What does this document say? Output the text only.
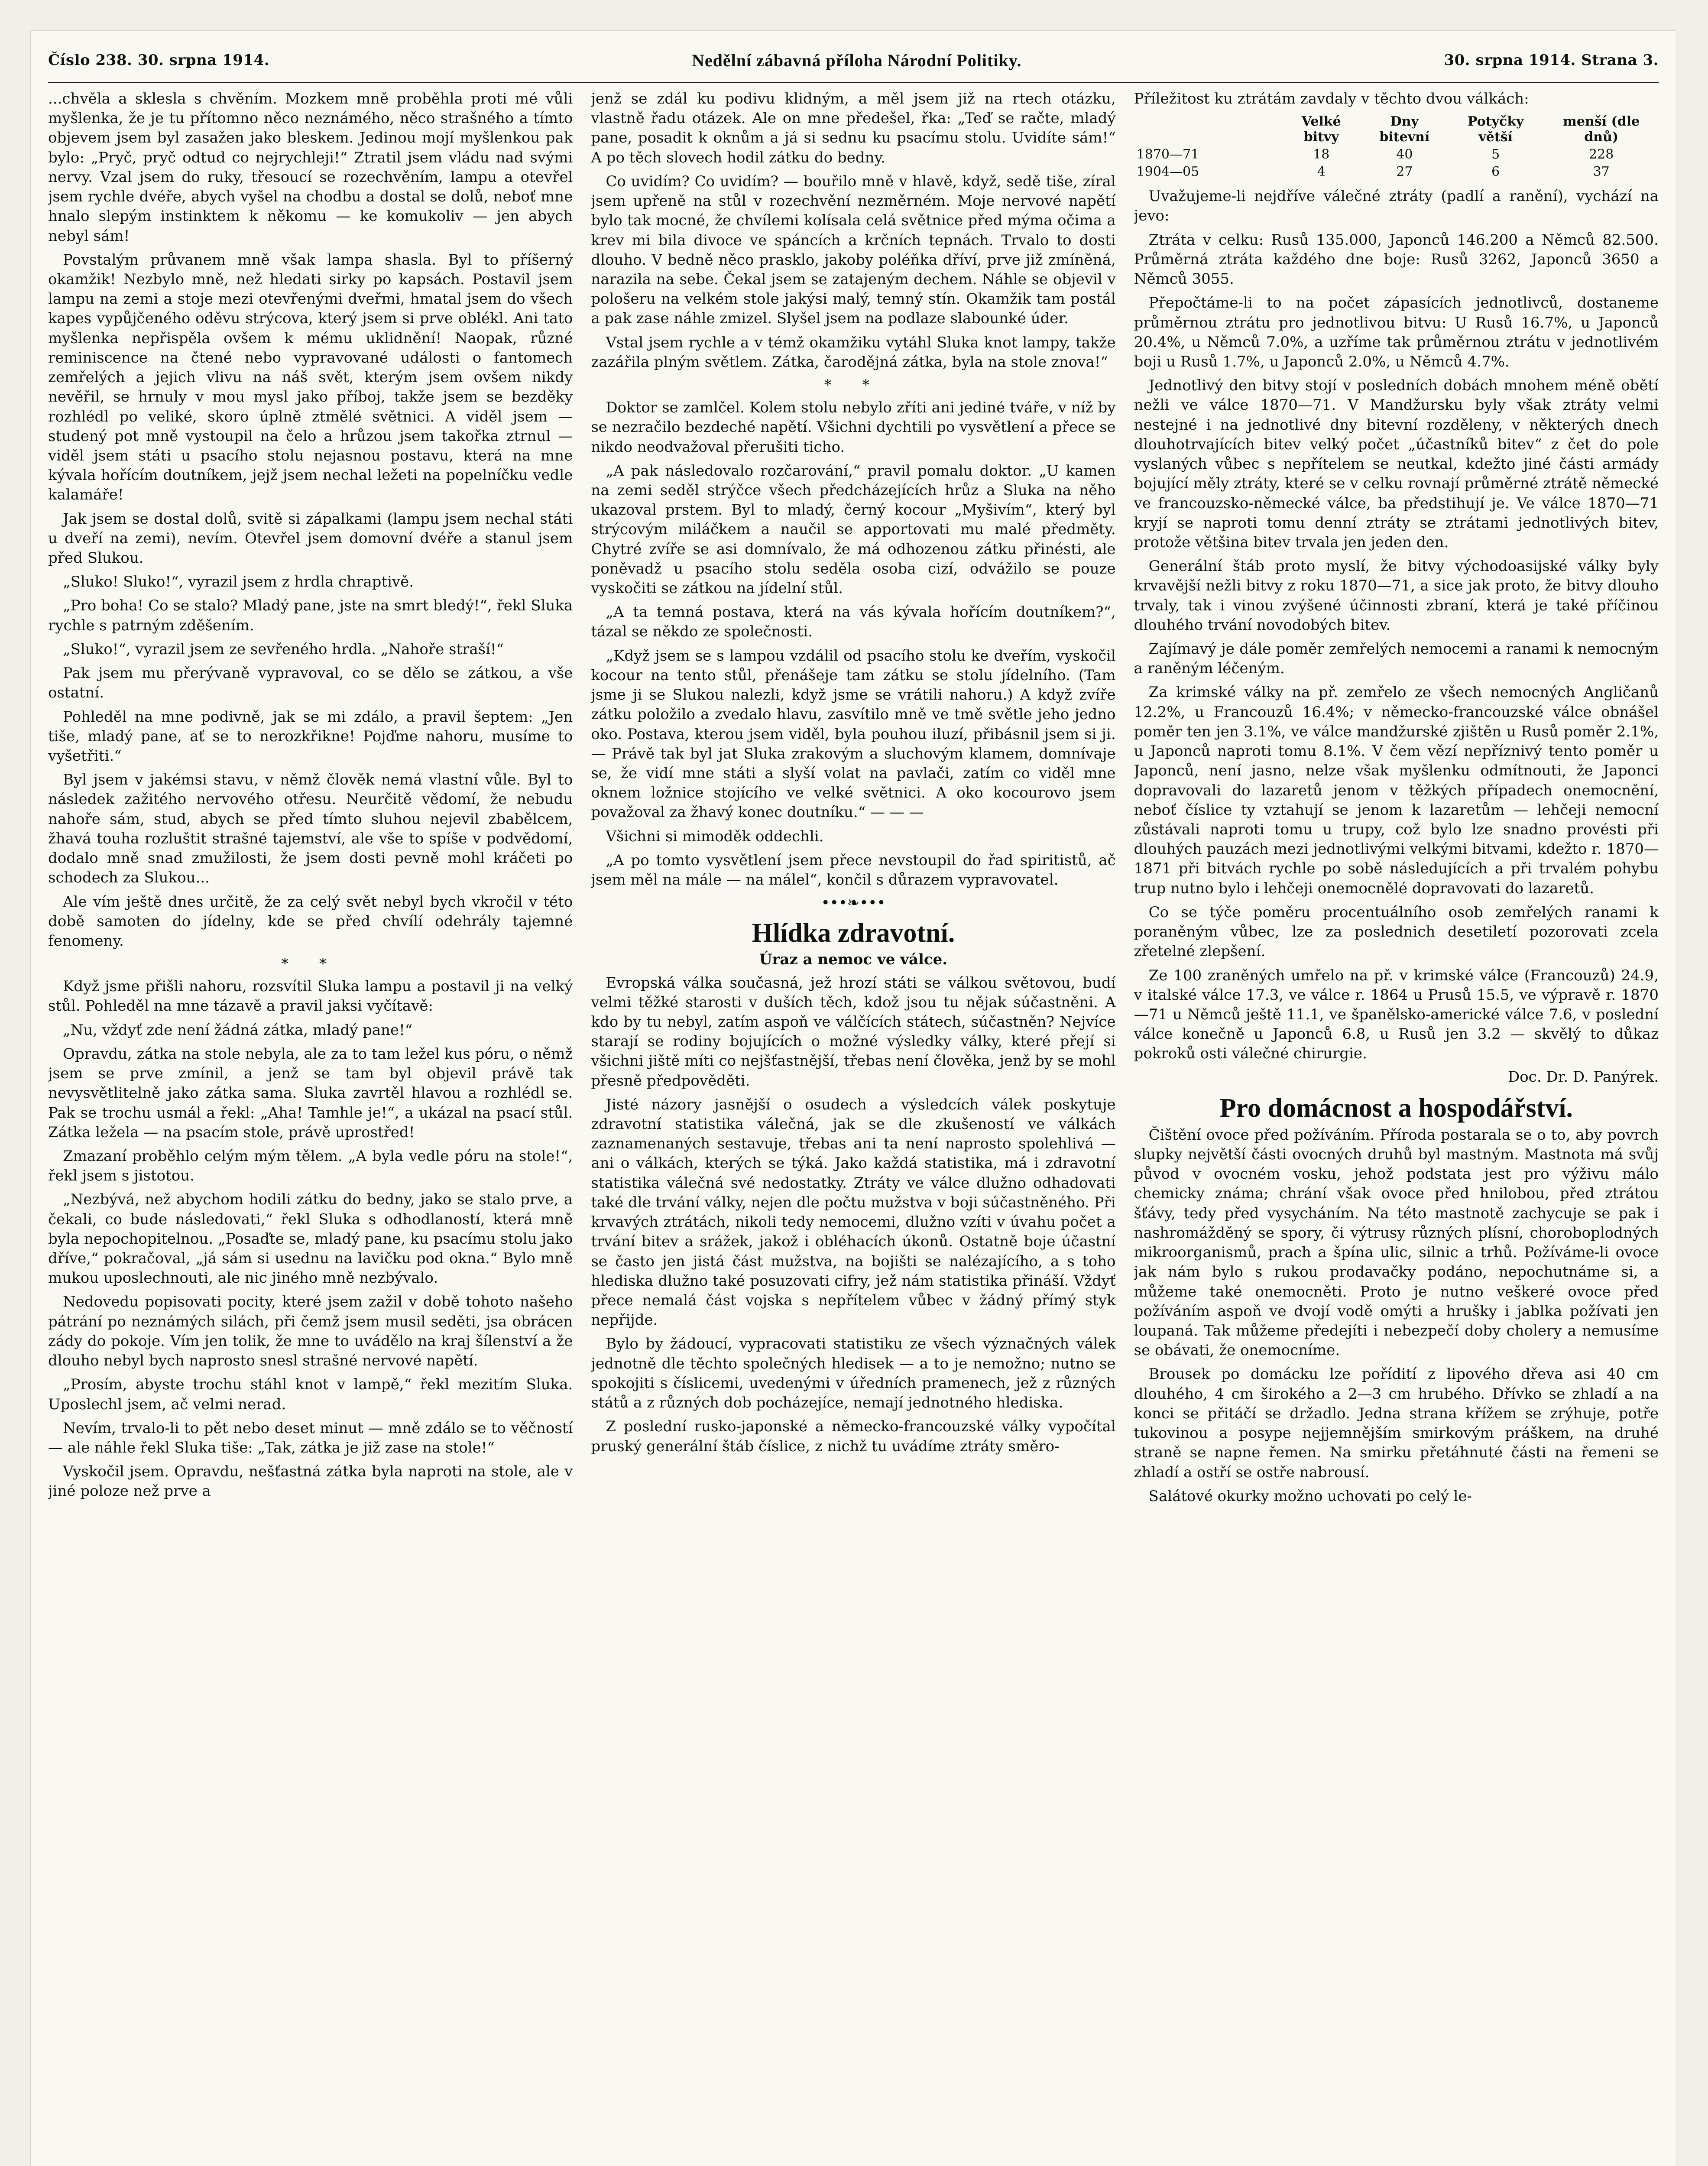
Číslo 238. 30. srpna 1914.	Nedělní zábavná příloha Národní Politiky.	30. srpna 1914. Strana 3.

...chvěla a sklesla s chvěním. Mozkem mně proběhla proti mé vůli myšlenka, že je tu přítomno něco neznámého, něco strašného a tímto objevem jsem byl zasažen jako bleskem. Jedinou mojí myšlenkou pak bylo: „Pryč, pryč odtud co nejrychleji!“ Ztratil jsem vládu nad svými nervy. Vzal jsem do ruky, třesoucí se rozechvěním, lampu a otevřel jsem rychle dvéře, abych vyšel na chodbu a dostal se dolů, neboť mne hnalo slepým instinktem k někomu — ke komukoliv — jen abych nebyl sám!

Povstalým průvanem mně však lampa shasla. Byl to příšerný okamžik! Nezbylo mně, než hledati sirky po kapsách. Postavil jsem lampu na zemi a stoje mezi otevřenými dveřmi, hmatal jsem do všech kapes vypůjčeného oděvu strýcova, který jsem si prve oblékl. Ani tato myšlenka nepřispěla ovšem k mému uklidnění! Naopak, různé reminiscence na čtené nebo vypravované události o fantomech zemřelých a jejich vlivu na náš svět, kterým jsem ovšem nikdy nevěřil, se hrnuly v mou mysl jako příboj, takže jsem se bezděky rozhlédl po veliké, skoro úplně ztmělé světnici. A viděl jsem — studený pot mně vystoupil na čelo a hrůzou jsem takořka ztrnul — viděl jsem státi u psacího stolu nejasnou postavu, která na mne kývala hořícím doutníkem, jejž jsem nechal ležeti na popelníčku vedle kalamáře!

Jak jsem se dostal dolů, svitě si zápalkami (lampu jsem nechal státi u dveří na zemi), nevím. Otevřel jsem domovní dvéře a stanul jsem před Slukou.

„Sluko! Sluko!“, vyrazil jsem z hrdla chraptivě.

„Pro boha! Co se stalo? Mladý pane, jste na smrt bledý!“, řekl Sluka rychle s patrným zděšením.

„Sluko!“, vyrazil jsem ze sevřeného hrdla. „Nahoře straší!“

Pak jsem mu přerývaně vypravoval, co se dělo se zátkou, a vše ostatní.

Pohleděl na mne podivně, jak se mi zdálo, a pravil šeptem: „Jen tiše, mladý pane, ať se to nerozkřikne! Pojďme nahoru, musíme to vyšetřiti.“

Byl jsem v jakémsi stavu, v němž člověk nemá vlastní vůle. Byl to následek zažitého nervového otřesu. Neurčitě vědomí, že nebudu nahoře sám, stud, abych se před tímto sluhou nejevil zbabělcem, žhavá touha rozluštit strašné tajemství, ale vše to spíše v podvědomí, dodalo mně snad zmužilosti, že jsem dosti pevně mohl kráčeti po schodech za Slukou...

Ale vím ještě dnes určitě, že za celý svět nebyl bych vkročil v této době samoten do jídelny, kde se před chvílí odehrály tajemné fenomeny.

* *

Když jsme přišli nahoru, rozsvítil Sluka lampu a postavil ji na velký stůl. Pohleděl na mne tázavě a pravil jaksi vyčítavě:

„Nu, vždyť zde není žádná zátka, mladý pane!“

Opravdu, zátka na stole nebyla, ale za to tam ležel kus póru, o němž jsem se prve zmínil, a jenž se tam byl objevil právě tak nevysvětlitelně jako zátka sama. Sluka zavrtěl hlavou a rozhlédl se. Pak se trochu usmál a řekl: „Aha! Tamhle je!“, a ukázal na psací stůl. Zátka ležela — na psacím stole, právě uprostřed!

Zmazaní proběhlo celým mým tělem. „A byla vedle póru na stole!“, řekl jsem s jistotou.

„Nezbývá, než abychom hodili zátku do bedny, jako se stalo prve, a čekali, co bude následovati,“ řekl Sluka s odhodlaností, která mně byla nepochopitelnou. „Posaďte se, mladý pane, ku psacímu stolu jako dříve,“ pokračoval, „já sám si usednu na lavičku pod okna.“ Bylo mně mukou uposlechnouti, ale nic jiného mně nezbývalo.

Nedovedu popisovati pocity, které jsem zažil v době tohoto našeho pátrání po neznámých silách, při čemž jsem musil seděti, jsa obrácen zády do pokoje. Vím jen tolik, že mne to uvádělo na kraj šílenství a že dlouho nebyl bych naprosto snesl strašné nervové napětí.

„Prosím, abyste trochu stáhl knot v lampě,“ řekl mezitím Sluka. Uposlechl jsem, ač velmi nerad.

Nevím, trvalo-li to pět nebo deset minut — mně zdálo se to věčností — ale náhle řekl Sluka tiše: „Tak, zátka je již zase na stole!“

Vyskočil jsem. Opravdu, nešťastná zátka byla naproti na stole, ale v jiné poloze než prve a

jenž se zdál ku podivu klidným, a měl jsem již na rtech otázku, vlastně řadu otázek. Ale on mne předešel, řka: „Teď se račte, mladý pane, posadit k oknům a já si sednu ku psacímu stolu. Uvidíte sám!“ A po těch slovech hodil zátku do bedny.

Co uvidím? Co uvidím? — bouřilo mně v hlavě, když, sedě tiše, zíral jsem upřeně na stůl v rozechvění nezměrném. Moje nervové napětí bylo tak mocné, že chvílemi kolísala celá světnice před mýma očima a krev mi bila divoce ve spáncích a krčních tepnách. Trvalo to dosti dlouho. V bedně něco prasklo, jakoby poléňka dříví, prve již zmíněná, narazila na sebe. Čekal jsem se zatajeným dechem. Náhle se objevil v pološeru na velkém stole jakýsi malý, temný stín. Okamžik tam postál a pak zase náhle zmizel. Slyšel jsem na podlaze slabounké úder.

Vstal jsem rychle a v témž okamžiku vytáhl Sluka knot lampy, takže zazářila plným světlem. Zátka, čarodějná zátka, byla na stole znova!“

* *

Doktor se zamlčel. Kolem stolu nebylo zříti ani jediné tváře, v níž by se nezračilo bezdeché napětí. Všichni dychtili po vysvětlení a přece se nikdo neodvažoval přerušiti ticho.

„A pak následovalo rozčarování,“ pravil pomalu doktor. „U kamen na zemi seděl strýčce všech předcházejících hrůz a Sluka na něho ukazoval prstem. Byl to mladý, černý kocour „Myšivím“, který byl strýcovým miláčkem a naučil se apportovati mu malé předměty. Chytré zvíře se asi domnívalo, že má odhozenou zátku přinésti, ale poněvadž u psacího stolu seděla osoba cizí, odvážilo se pouze vyskočiti se zátkou na jídelní stůl.

„A ta temná postava, která na vás kývala hořícím doutníkem?“, tázal se někdo ze společnosti.

„Když jsem se s lampou vzdálil od psacího stolu ke dveřím, vyskočil kocour na tento stůl, přenášeje tam zátku se stolu jídelního. (Tam jsme ji se Slukou nalezli, když jsme se vrátili nahoru.) A když zvíře zátku položilo a zvedalo hlavu, zasvítilo mně ve tmě světle jeho jedno oko. Postava, kterou jsem viděl, byla pouhou iluzí, přibásnil jsem si ji. — Právě tak byl jat Sluka zrakovým a sluchovým klamem, domnívaje se, že vidí mne státi a slyší volat na pavlači, zatím co viděl mne oknem ložnice stojícího ve velké světnici. A oko kocourovo jsem považoval za žhavý konec doutníku.“ — — —

Všichni si mimoděk oddechli.

„A po tomto vysvětlení jsem přece nevstoupil do řad spiritistů, ač jsem měl na mále — na málel“, končil s důrazem vypravovatel.

•••❧•••
Hlídka zdravotní.
Úraz a nemoc ve válce.

Evropská válka současná, jež hrozí státi se válkou světovou, budí velmi těžké starosti v duších těch, kdož jsou tu nějak súčastněni. A kdo by tu nebyl, zatím aspoň ve válčících státech, súčastněn? Nejvíce starají se rodiny bojujících o možné výsledky války, které přejí si všichni jiště míti co nejšťastnější, třebas není člověka, jenž by se mohl přesně předpověděti.

Jisté názory jasnější o osudech a výsledcích válek poskytuje zdravotní statistika válečná, jak se dle zkušeností ve válkách zaznamenaných sestavuje, třebas ani ta není naprosto spolehlivá — ani o válkách, kterých se týká. Jako každá statistika, má i zdravotní statistika válečná své nedostatky. Ztráty ve válce dlužno odhadovati také dle trvání války, nejen dle počtu mužstva v boji súčastněného. Při krvavých ztrátách, nikoli tedy nemocemi, dlužno vzíti v úvahu počet a trvání bitev a srážek, jakož i obléhacích úkonů. Ostatně boje účastní se často jen jistá část mužstva, na bojišti se nalézajícího, a s toho hlediska dlužno také posuzovati cifry, jež nám statistika přináší. Vždyť přece nemalá část vojska s nepřítelem vůbec v žádný přímý styk nepřijde.

Bylo by žádoucí, vypracovati statistiku ze všech význačných válek jednotně dle těchto společných hledisek — a to je nemožno; nutno se spokojiti s číslicemi, uvedenými v úředních pramenech, jež z různých států a z různých dob pocházejíce, nemají jednotného hlediska.

Z poslední rusko-japonské a německo-francouzské války vypočítal pruský generální štáb číslice, z nichž tu uvádíme ztráty směro-

Příležitost ku ztrátám zavdaly v těchto dvou válkách:

	Velké bitvy	Dny bitevní	Potyčky větší	menší (dle dnů)
1870—71	18	40	5	228
1904—05	4	27	6	37

Uvažujeme-li nejdříve válečné ztráty (padlí a ranění), vychází na jevo:

Ztráta v celku: Rusů 135.000, Japonců 146.200 a Němců 82.500. Průměrná ztráta každého dne boje: Rusů 3262, Japonců 3650 a Němců 3055.

Přepočtáme-li to na počet zápasících jednotlivců, dostaneme průměrnou ztrátu pro jednotlivou bitvu: U Rusů 16.7%, u Japonců 20.4%, u Němců 7.0%, a uzříme tak průměrnou ztrátu v jednotlivém boji u Rusů 1.7%, u Japonců 2.0%, u Němců 4.7%.

Jednotlivý den bitvy stojí v posledních dobách mnohem méně obětí nežli ve válce 1870—71. V Mandžursku byly však ztráty velmi nestejné i na jednotlivé dny bitevní rozděleny, v některých dnech dlouhotrvajících bitev velký počet „účastníků bitev“ z čet do pole vyslaných vůbec s nepřítelem se neutkal, kdežto jiné části armády bojující měly ztráty, které se v celku rovnají průměrné ztrátě německé ve francouzsko-německé válce, ba předstihují je. Ve válce 1870—71 kryjí se naproti tomu denní ztráty se ztrátami jednotlivých bitev, protože většina bitev trvala jen jeden den.

Generální štáb proto myslí, že bitvy východoasijské války byly krvavější nežli bitvy z roku 1870—71, a sice jak proto, že bitvy dlouho trvaly, tak i vinou zvýšené účinnosti zbraní, která je také příčinou dlouhého trvání novodobých bitev.

Zajímavý je dále poměr zemřelých nemocemi a ranami k nemocným a raněným léčeným.

Za krimské války na př. zemřelo ze všech nemocných Angličanů 12.2%, u Francouzů 16.4%; v německo-francouzské válce obnášel poměr ten jen 3.1%, ve válce mandžurské zjištěn u Rusů poměr 2.1%, u Japonců naproti tomu 8.1%. V čem vězí nepříznivý tento poměr u Japonců, není jasno, nelze však myšlenku odmítnouti, že Japonci dopravovali do lazaretů jenom v těžkých případech onemocnění, neboť číslice ty vztahují se jenom k lazaretům — lehčeji nemocní zůstávali naproti tomu u trupy, což bylo lze snadno provésti při dlouhých pauzách mezi jednotlivými velkými bitvami, kdežto r. 1870—1871 při bitvách rychle po sobě následujících a při trvalém pohybu trup nutno bylo i lehčeji onemocnělé dopravovati do lazaretů.

Co se týče poměru procentuálního osob zemřelých ranami k poraněným vůbec, lze za poslednich desetiletí pozorovati zcela zřetelné zlepšení.

Ze 100 zraněných umřelo na př. v krimské válce (Francouzů) 24.9, v italské válce 17.3, ve válce r. 1864 u Prusů 15.5, ve výpravě r. 1870—71 u Němců ještě 11.1, ve španělsko-americké válce 7.6, v poslední válce konečně u Japonců 6.8, u Rusů jen 3.2 — skvělý to důkaz pokroků osti válečné chirurgie.

Doc. Dr. D. Panýrek.
Pro domácnost a hospodářství.

Čištění ovoce před požíváním. Příroda postarala se o to, aby povrch slupky největší části ovocných druhů byl mastným. Mastnota má svůj původ v ovocném vosku, jehož podstata jest pro výživu málo chemicky známa; chrání však ovoce před hnilobou, před ztrátou šťávy, tedy před vysycháním. Na této mastnotě zachycuje se pak i nashromážděný se spory, či výtrusy různých plísní, choroboplodných mikroorganismů, prach a špína ulic, silnic a trhů. Požíváme-li ovoce jak nám bylo s rukou prodavačky podáno, nepochutnáme si, a můžeme také onemocněti. Proto je nutno veškeré ovoce před požíváním aspoň ve dvojí vodě omýti a hrušky i jablka požívati jen loupaná. Tak můžeme předejíti i nebezpečí doby cholery a nemusíme se obávati, že onemocníme.

Brousek po domácku lze pořídití z lipového dřeva asi 40 cm dlouhého, 4 cm širokého a 2—3 cm hrubého. Dřívko se zhladí a na konci se přitáčí se držadlo. Jedna strana křížem se zrýhuje, potře tukovinou a posype nejjemnějším smirkovým práškem, na druhé straně se napne řemen. Na smirku přetáhnuté části na řemeni se zhladí a ostří se ostře nabrousí.

Salátové okurky možno uchovati po celý le-
